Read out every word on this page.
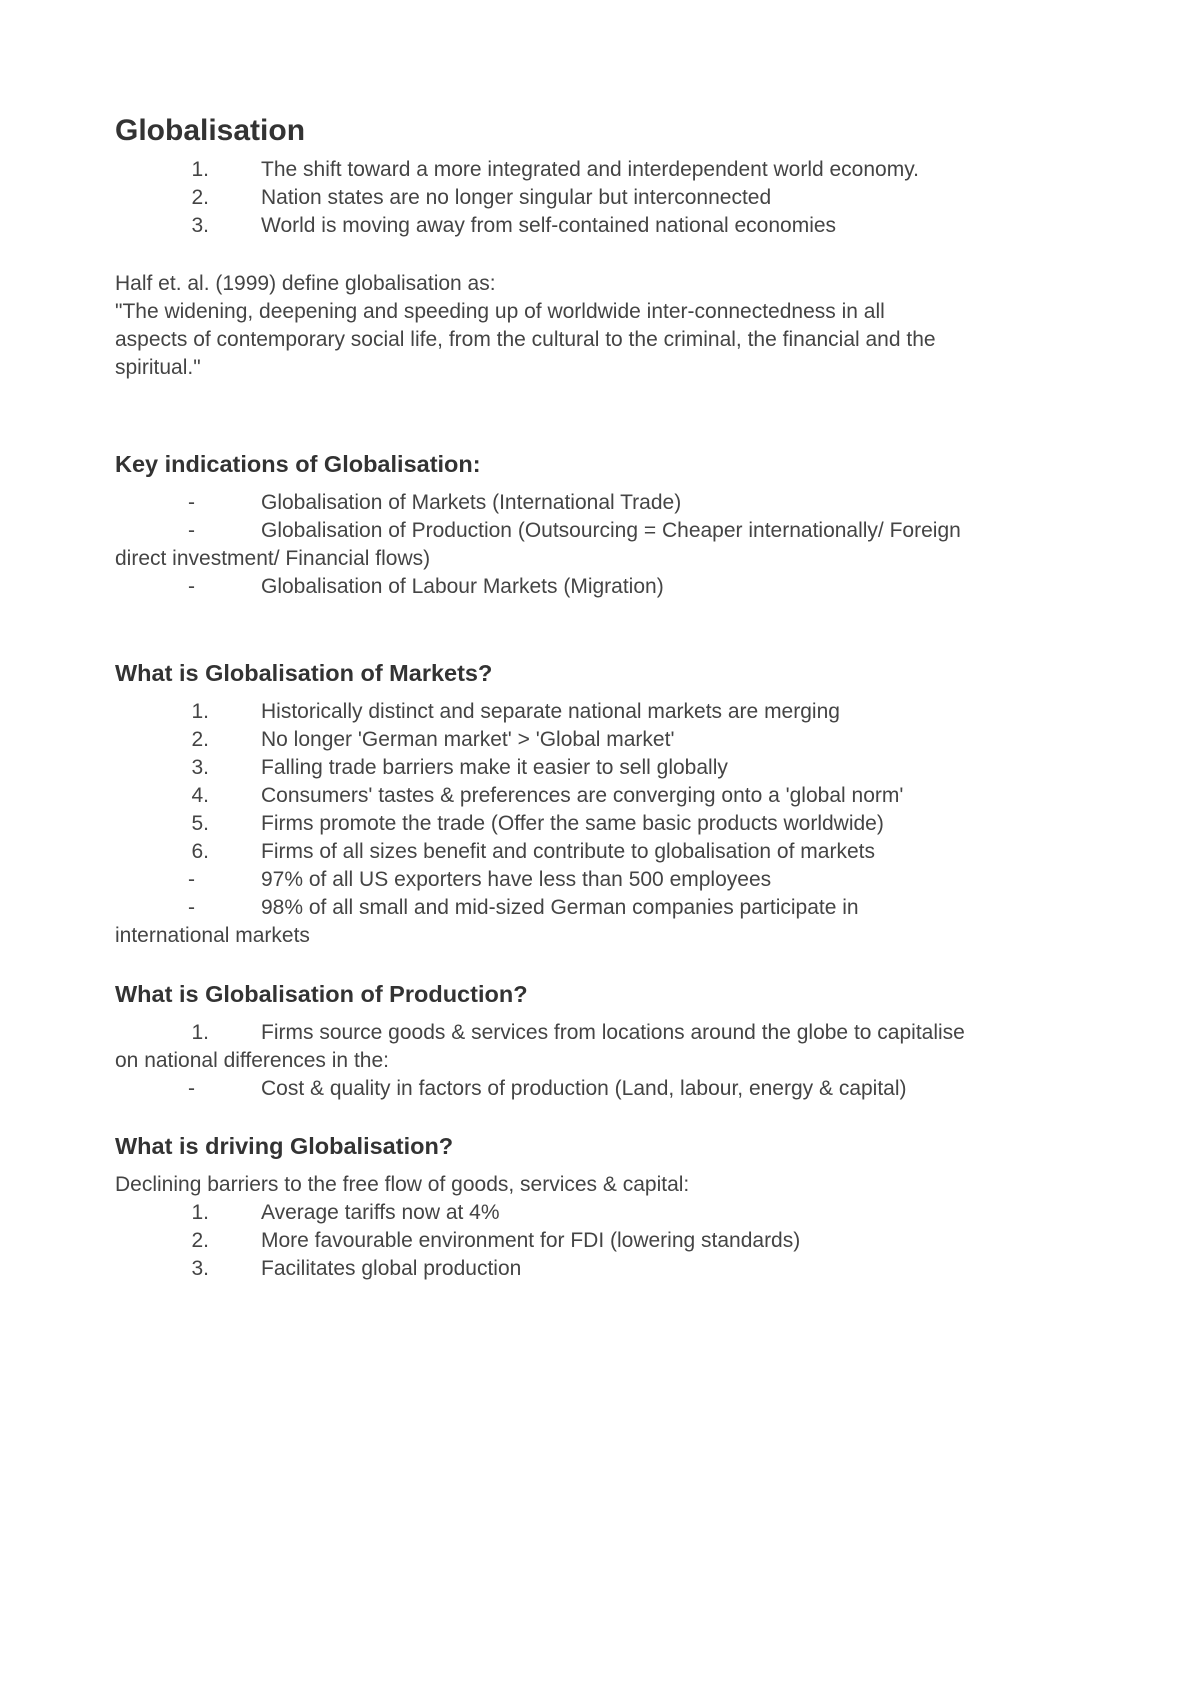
Globalisation
1. The shift toward a more integrated and interdependent world economy.
2. Nation states are no longer singular but interconnected
3. World is moving away from self-contained national economies
Half et. al. (1999) define globalisation as:
"The widening, deepening and speeding up of worldwide inter-connectedness in all
aspects of contemporary social life, from the cultural to the criminal, the financial and the
spiritual."
Key indications of Globalisation:
-	Globalisation of Markets (International Trade)
-	Globalisation of Production (Outsourcing = Cheaper internationally/ Foreign
direct investment/ Financial flows)
-	Globalisation of Labour Markets (Migration)
What is Globalisation of Markets?
1. Historically distinct and separate national markets are merging
2. No longer 'German market' > 'Global market'
3. Falling trade barriers make it easier to sell globally
4. Consumers' tastes & preferences are converging onto a 'global norm'
5. Firms promote the trade (Offer the same basic products worldwide)
6. Firms of all sizes benefit and contribute to globalisation of markets
-	97% of all US exporters have less than 500 employees
-	98% of all small and mid-sized German companies participate in
international markets
What is Globalisation of Production?
1. Firms source goods & services from locations around the globe to capitalise
on national differences in the:
-	Cost & quality in factors of production (Land, labour, energy & capital)
What is driving Globalisation?
Declining barriers to the free flow of goods, services & capital:
1. Average tariffs now at 4%
2. More favourable environment for FDI (lowering standards)
3. Facilitates global production
